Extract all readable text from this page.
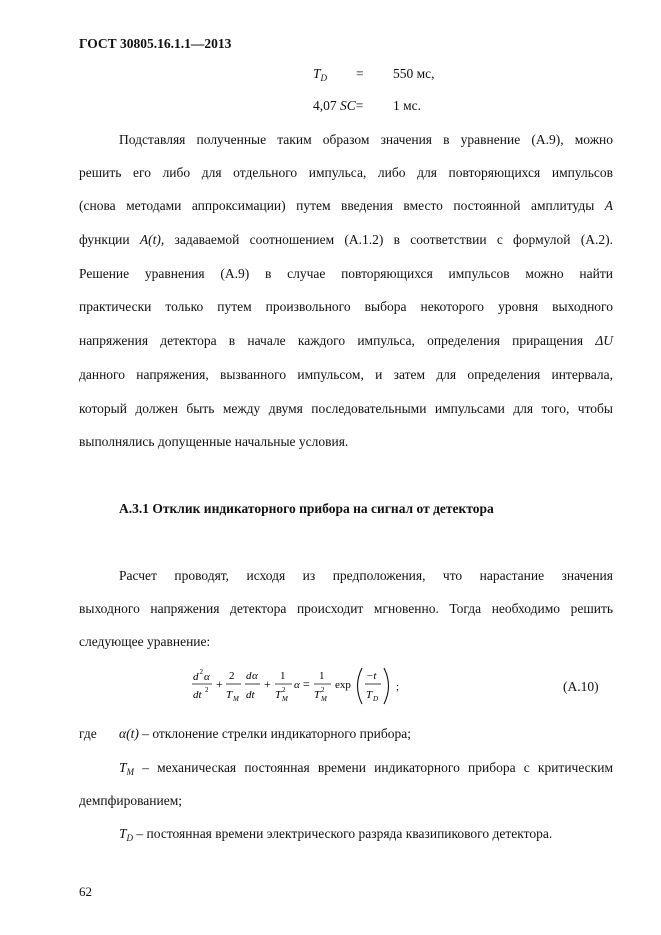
ГОСТ 30805.16.1.1—2013
$T_D = 550$ мс,
4,07 SC= 1 мс.
Подставляя полученные таким образом значения в уравнение (А.9), можно
решить его либо для отдельного импульса, либо для повторяющихся импульсов
(снова методами аппроксимации) путем введения вместо постоянной амплитуды A
функции A(t), задаваемой соотношением (А.1.2) в соответствии с формулой (А.2).
Решение уравнения (А.9) в случае повторяющихся импульсов можно найти
практически только путем произвольного выбора некоторого уровня выходного
напряжения детектора в начале каждого импульса, определения приращения ΔU
данного напряжения, вызванного импульсом, и затем для определения интервала,
который должен быть между двумя последовательными импульсами для того, чтобы
выполнялись допущенные начальные условия.
А.3.1 Отклик индикаторного прибора на сигнал от детектора
Расчет проводят, исходя из предположения, что нарастание значения
выходного напряжения детектора происходит мгновенно. Тогда необходимо решить
следующее уравнение:
d 2 α
dt 2 +
2
T M
d α
dt
+
1
T 2
M
α =
1
T 2
M
exp
−t
T D
;	(А.10)
где α(t) – отклонение стрелки индикаторного прибора;
$T_M$ – механическая постоянная времени индикаторного прибора с критическим
демпфированием;
$T_D$ – постоянная времени электрического разряда квазипикового детектора.
62
